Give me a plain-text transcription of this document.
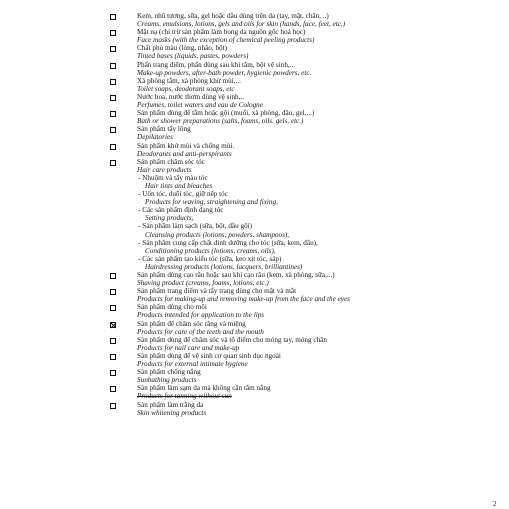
Kem, nhũ tương, sữa, gel hoặc dầu dùng trên da (tay, mặt, chân, ..)
Creams, emulsions, lotions, gels and oils for skin (hands, face, feet, etc.)
Mặt nạ (chỉ trừ sản phẩm làm bong da nguồn gốc hoá học)
Face masks (with the exception of chemical peeling products)
Chất phủ màu (lỏng, nhão, bột)
Tinted bases (liquids, pastes, powders)
Phấn trang điểm, phấn dùng sau khi tắm, bột vệ sinh,...
Make-up powders, after-bath powder, hygienic powders, etc.
Xà phòng tắm, xà phòng khử mùi,...
Toilet soaps, deodorant soaps, etc
Nước hoa, nước thơm dùng vệ sinh,..
Perfumes, toilet waters and eau de Cologne
Sản phẩm dùng để tắm hoặc gội (muối, xà phòng, dầu, gel,...)
Bath or shower preparations (salts, foams, oils. gels, etc.)
Sản phẩm tẩy lông
Depilatories
Sản phẩm khử mùi và chống mùi.
Deodorants and anti-perspirants
Sản phẩm chăm sóc tóc
Hair care products
- Nhuộm và tẩy màu tóc
Hair tints and bleaches
- Uốn tóc, duỗi tóc, giữ nếp tóc
Products for waving, straightening and fixing,
- Các sản phẩm định dạng tóc
Setting products,
- Sản phẩm làm sạch (sữa, bột, dầu gội)
Cleansing products (lotions, powders, shampoos),
- Sản phẩm cung cấp chất dinh dưỡng cho tóc (sữa, kem, dầu),
Conditioning products (lotions, creams, oils),
- Các sản phẩm tạo kiểu tóc (sữa, keo xịt tóc, sáp)
Hairdressing products (lotions, lacquers, brilliantines)
Sản phẩm dùng cạo râu hoặc sau khi cạo râu (kem, xà phòng, sữa,...)
Shaving product (creams, foams, lotions, etc.)
Sản phẩm trang điểm và tẩy trang dùng cho mặt và mắt
Products for making-up and removing make-up from the face and the eyes
Sản phẩm dùng cho môi
Products intended for application to the lips
Sản phẩm để chăm sóc răng và miệng
Products for care of the teeth and the mouth
Sản phẩm dùng để chăm sóc và tô điểm cho móng tay, móng chân
Products for nail care and make-up
Sản phẩm dùng để vệ sinh cơ quan sinh dục ngoài
Products for external intimate hygiene
Sản phẩm chống nắng
Sunbathing products
Sản phẩm làm sạm da mà không cần tắm nắng
Products for tanning without sun
Sản phẩm làm trắng da
Skin whitening products
2
